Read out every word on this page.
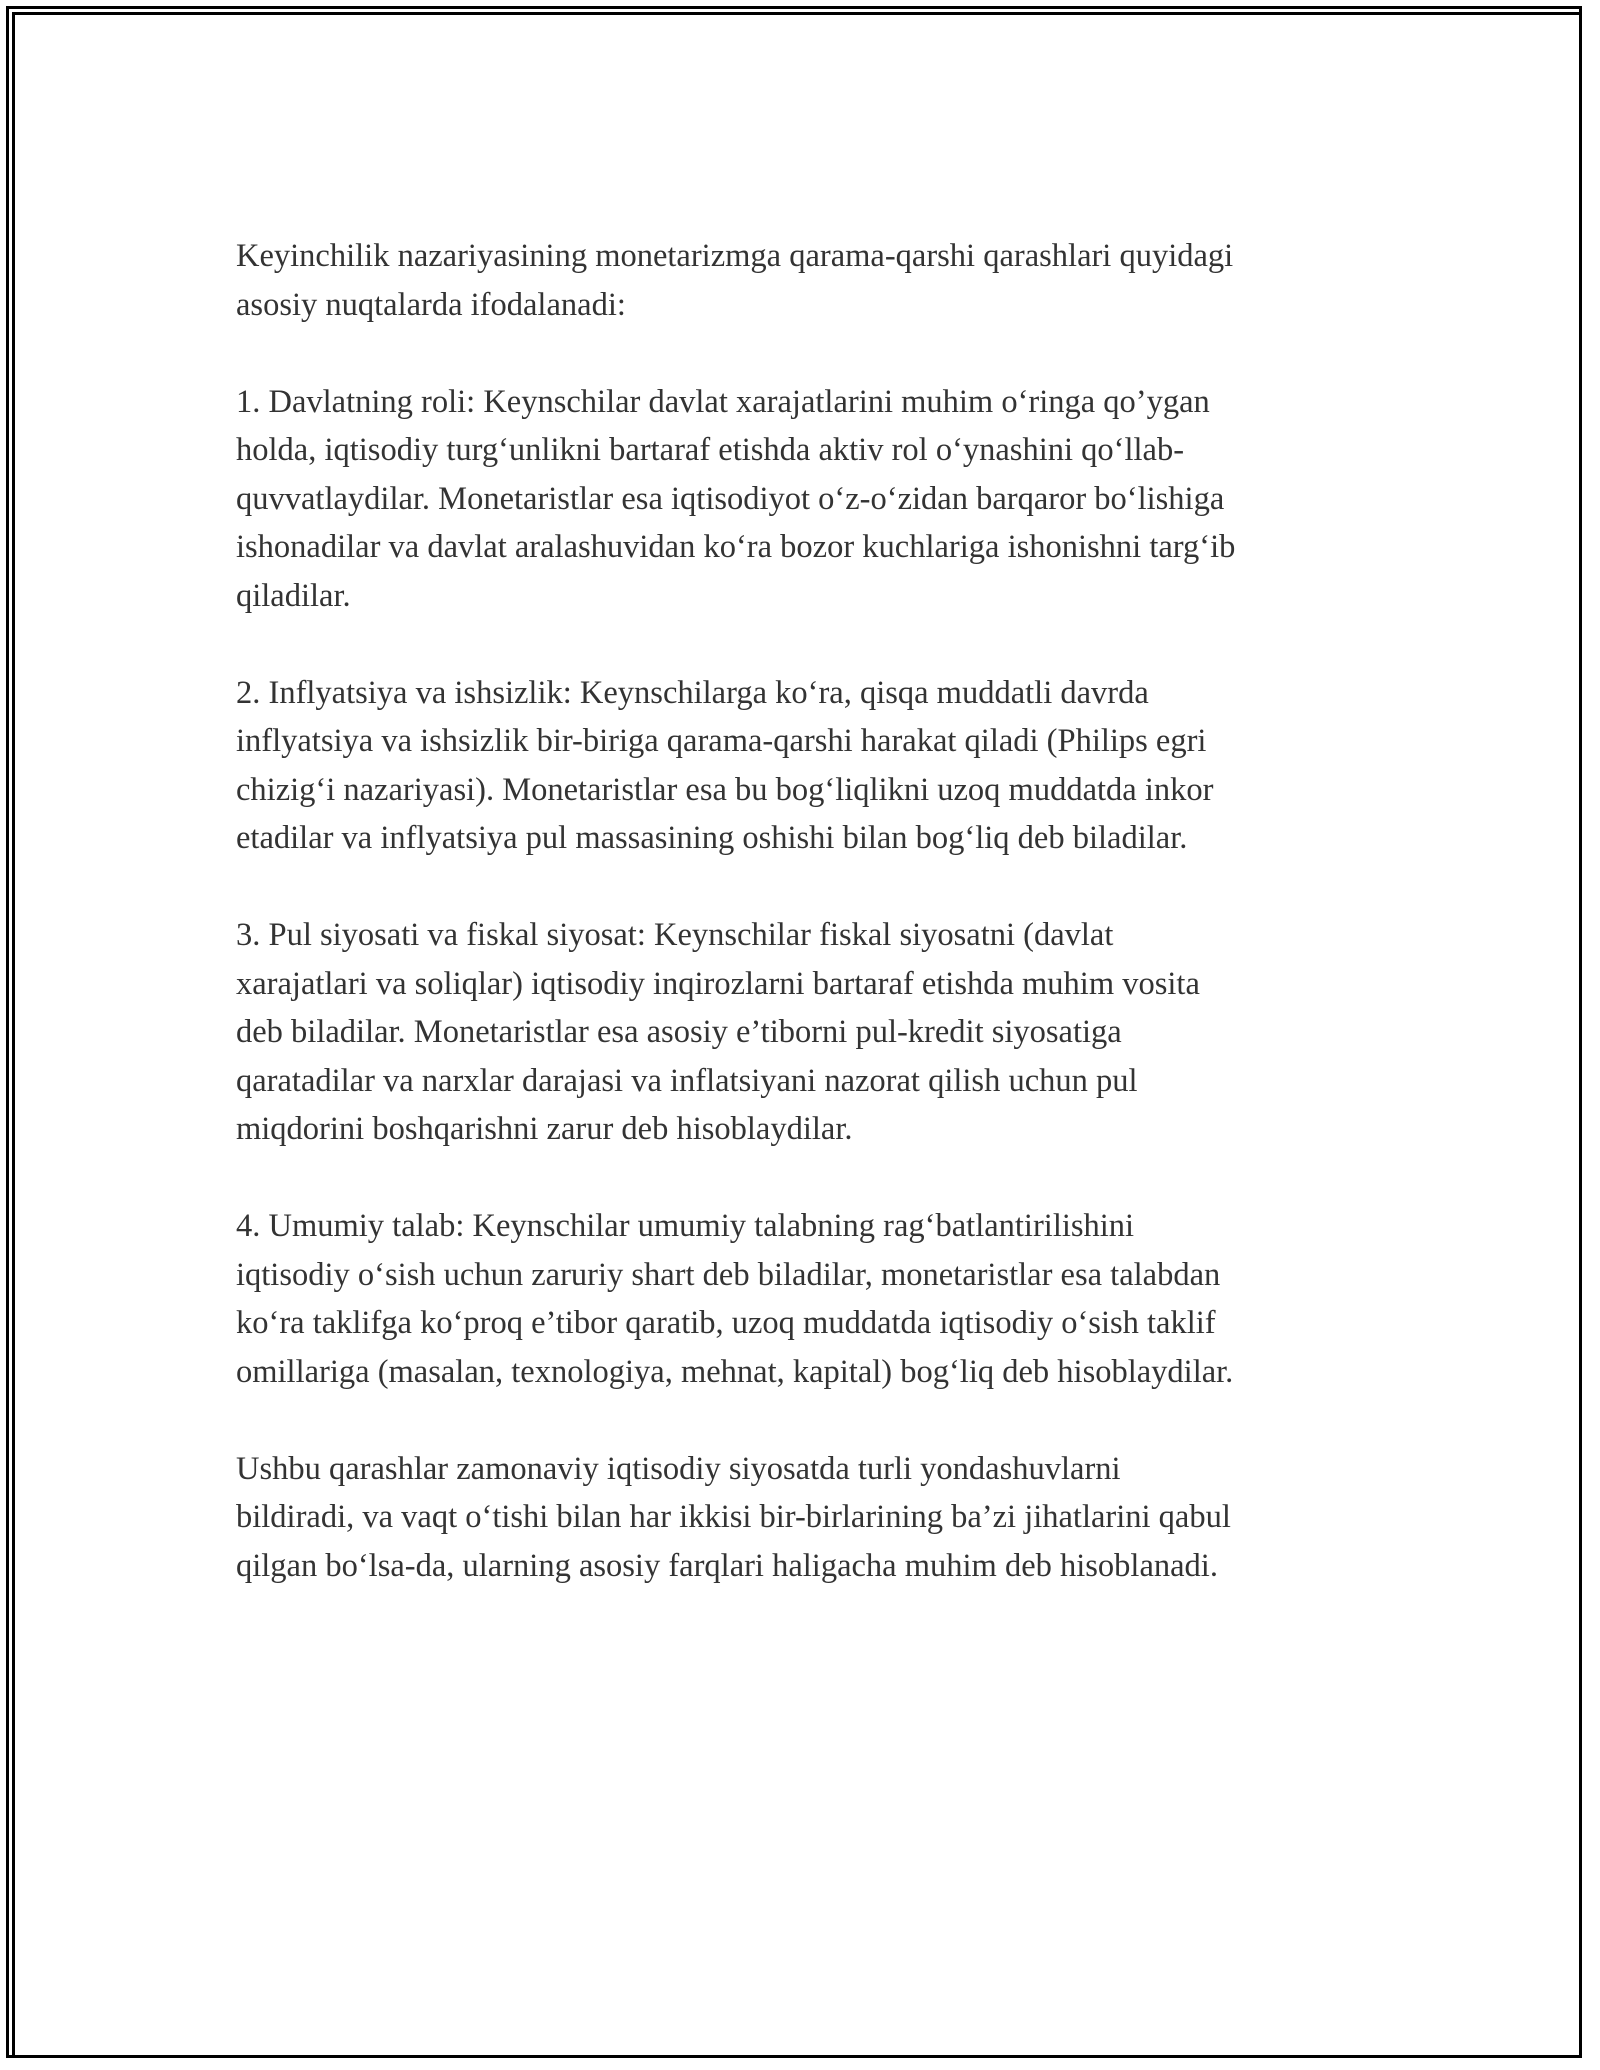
Keyinchilik nazariyasining monetarizmga qarama-qarshi qarashlari quyidagi
asosiy nuqtalarda ifodalanadi:

1. Davlatning roli: Keynschilar davlat xarajatlarini muhim o‘ringa qo’ygan
holda, iqtisodiy turg‘unlikni bartaraf etishda aktiv rol o‘ynashini qo‘llab-
quvvatlaydilar. Monetaristlar esa iqtisodiyot o‘z-o‘zidan barqaror bo‘lishiga
ishonadilar va davlat aralashuvidan ko‘ra bozor kuchlariga ishonishni targ‘ib
qiladilar.

2. Inflyatsiya va ishsizlik: Keynschilarga ko‘ra, qisqa muddatli davrda
inflyatsiya va ishsizlik bir-biriga qarama-qarshi harakat qiladi (Philips egri
chizig‘i nazariyasi). Monetaristlar esa bu bog‘liqlikni uzoq muddatda inkor
etadilar va inflyatsiya pul massasining oshishi bilan bog‘liq deb biladilar.

3. Pul siyosati va fiskal siyosat: Keynschilar fiskal siyosatni (davlat
xarajatlari va soliqlar) iqtisodiy inqirozlarni bartaraf etishda muhim vosita
deb biladilar. Monetaristlar esa asosiy e’tiborni pul-kredit siyosatiga
qaratadilar va narxlar darajasi va inflatsiyani nazorat qilish uchun pul
miqdorini boshqarishni zarur deb hisoblaydilar.

4. Umumiy talab: Keynschilar umumiy talabning rag‘batlantirilishini
iqtisodiy o‘sish uchun zaruriy shart deb biladilar, monetaristlar esa talabdan
ko‘ra taklifga ko‘proq e’tibor qaratib, uzoq muddatda iqtisodiy o‘sish taklif
omillariga (masalan, texnologiya, mehnat, kapital) bog‘liq deb hisoblaydilar.

Ushbu qarashlar zamonaviy iqtisodiy siyosatda turli yondashuvlarni
bildiradi, va vaqt o‘tishi bilan har ikkisi bir-birlarining ba’zi jihatlarini qabul
qilgan bo‘lsa-da, ularning asosiy farqlari haligacha muhim deb hisoblanadi.
